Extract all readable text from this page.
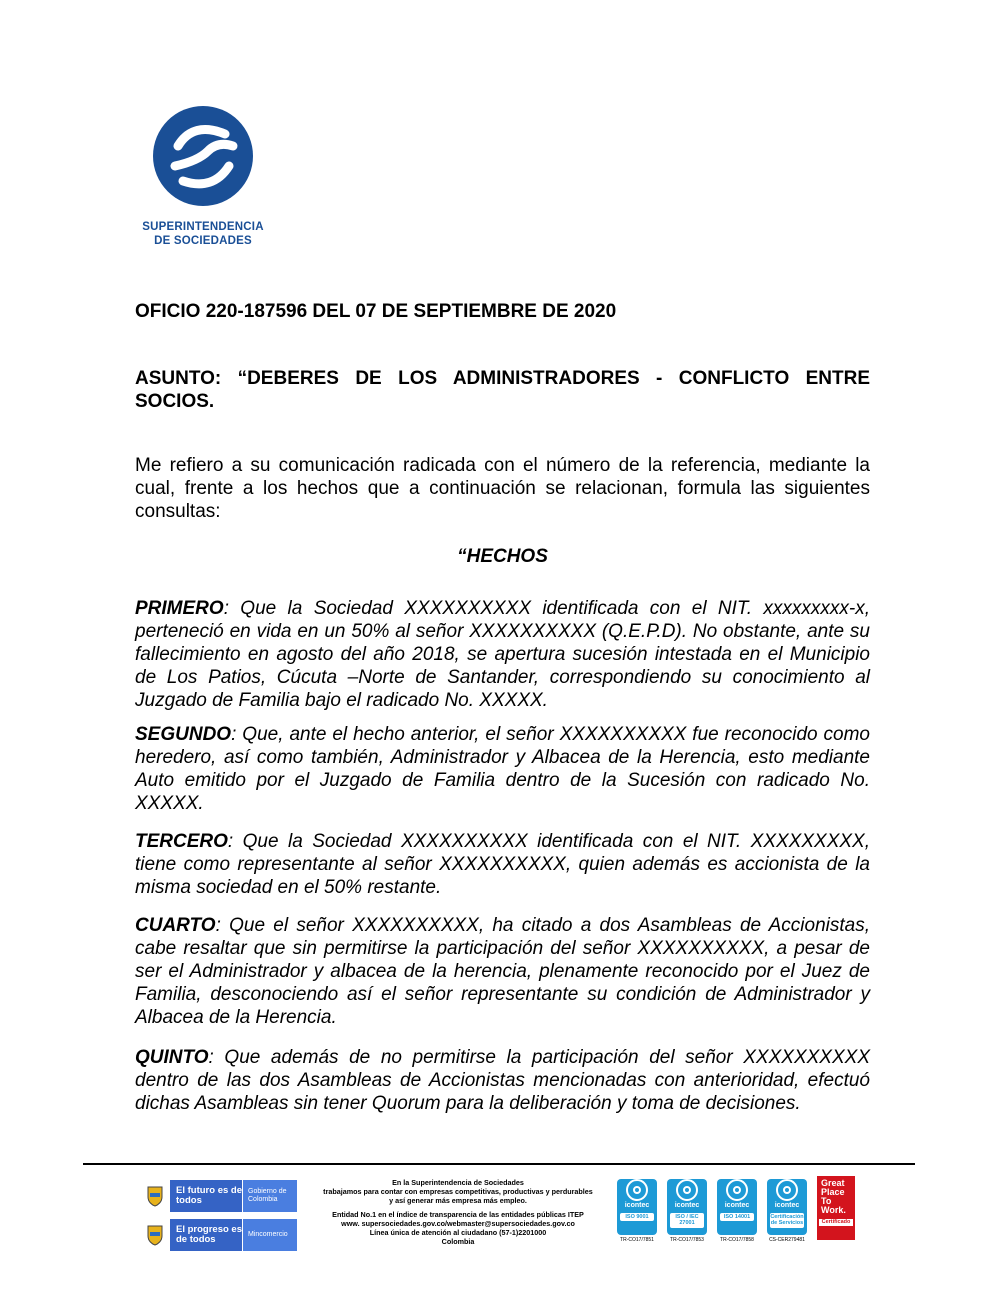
SUPERINTENDENCIA
DE SOCIEDADES
OFICIO 220-187596 DEL 07 DE SEPTIEMBRE DE 2020
ASUNTO: “DEBERES DE LOS ADMINISTRADORES - CONFLICTO ENTRE SOCIOS.
Me refiero a su comunicación radicada con el número de la referencia, mediante la cual, frente a los hechos que a continuación se relacionan, formula las siguientes consultas:
“HECHOS
PRIMERO: Que la Sociedad XXXXXXXXXX identificada con el NIT. xxxxxxxxx-x, perteneció en vida en un 50% al señor XXXXXXXXXX (Q.E.P.D). No obstante, ante su fallecimiento en agosto del año 2018, se apertura sucesión intestada en el Municipio de Los Patios, Cúcuta –Norte de Santander, correspondiendo su conocimiento al Juzgado de Familia bajo el radicado No. XXXXX.
SEGUNDO: Que, ante el hecho anterior, el señor XXXXXXXXXX fue reconocido como heredero, así como también, Administrador y Albacea de la Herencia, esto mediante Auto emitido por el Juzgado de Familia dentro de la Sucesión con radicado No. XXXXX.
TERCERO: Que la Sociedad XXXXXXXXXX identificada con el NIT. XXXXXXXXX, tiene como representante al señor XXXXXXXXXX, quien además es accionista de la misma sociedad en el 50% restante.
CUARTO: Que el señor XXXXXXXXXX, ha citado a dos Asambleas de Accionistas, cabe resaltar que sin permitirse la participación del señor XXXXXXXXXX, a pesar de ser el Administrador y albacea de la herencia, plenamente reconocido por el Juez de Familia, desconociendo así el señor representante su condición de Administrador y Albacea de la Herencia.
QUINTO: Que además de no permitirse la participación del señor XXXXXXXXXX dentro de las dos Asambleas de Accionistas mencionadas con anterioridad, efectuó dichas Asambleas sin tener Quorum para la deliberación y toma de decisiones.
El futuro es de todos
Gobierno de Colombia
El progreso es de todos	Mincomercio
En la Superintendencia de Sociedades
trabajamos para contar con empresas competitivas, productivas y perdurables
y así generar más empresa más empleo.
Entidad No.1 en el índice de transparencia de las entidades públicas ITEP
www. supersociedades.gov.co/webmaster@supersociedades.gov.co
Línea única de atención al ciudadano (57-1)2201000
Colombia
icontec
ISO 9001
TR-CO17/7851
icontec
ISO / IEC 27001
TR-CO17/7853
icontec
ISO 14001
TR-CO17/7858
icontec
Certificación de Servicios
CS-CER279481
Great Place To Work.
Certificado
